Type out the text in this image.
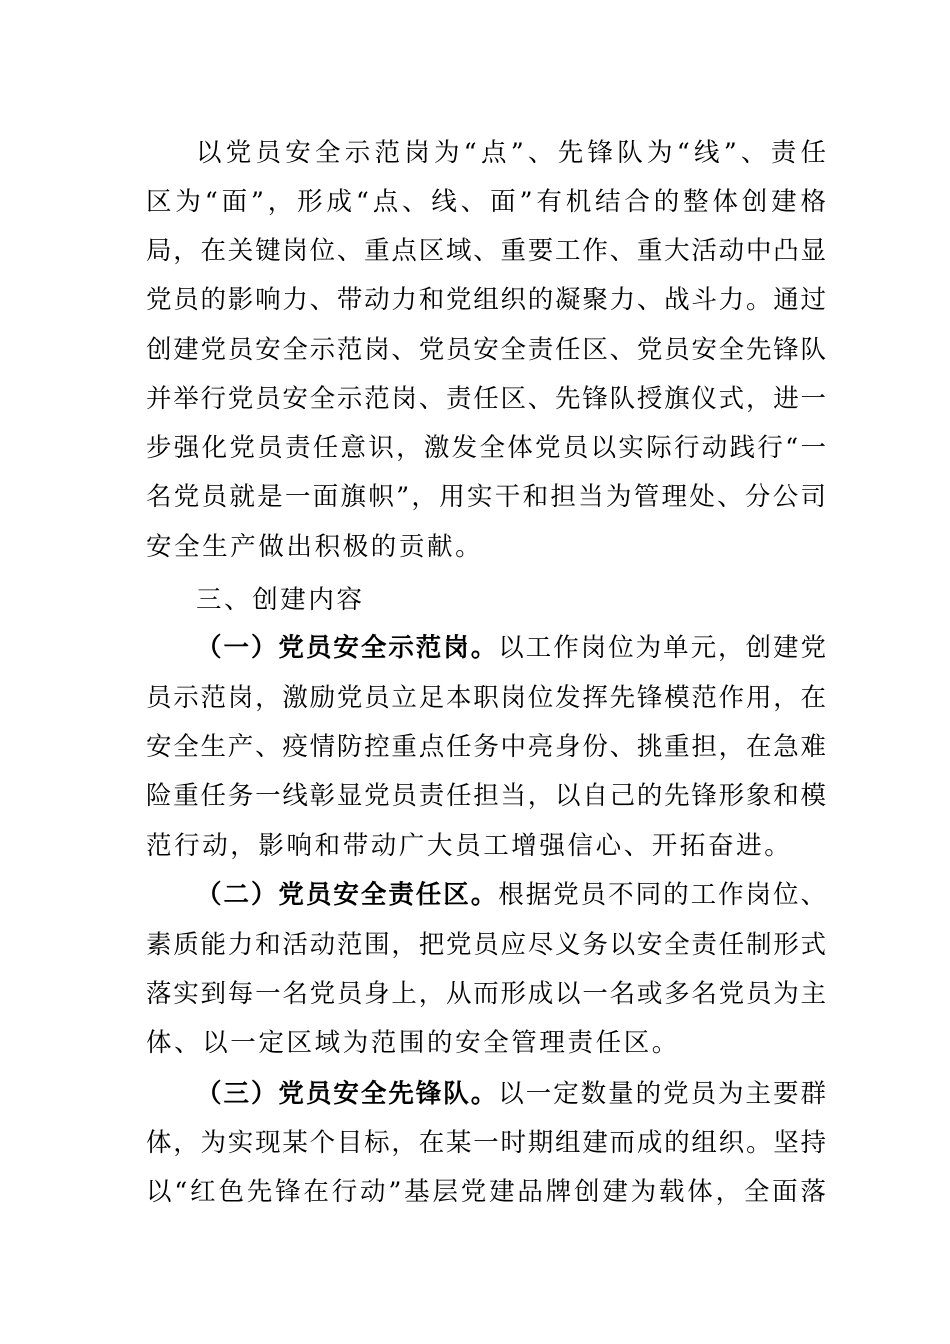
以党员安全示范岗为“点”、先锋队为“线”、责任
区为“面”，形成“点、线、面”有机结合的整体创建格
局，在关键岗位、重点区域、重要工作、重大活动中凸显
党员的影响力、带动力和党组织的凝聚力、战斗力。通过
创建党员安全示范岗、党员安全责任区、党员安全先锋队
并举行党员安全示范岗、责任区、先锋队授旗仪式，进一
步强化党员责任意识，激发全体党员以实际行动践行“一
名党员就是一面旗帜”，用实干和担当为管理处、分公司
安全生产做出积极的贡献。
三、创建内容
（一）党员安全示范岗。以工作岗位为单元，创建党
员示范岗，激励党员立足本职岗位发挥先锋模范作用，在
安全生产、疫情防控重点任务中亮身份、挑重担，在急难
险重任务一线彰显党员责任担当，以自己的先锋形象和模
范行动，影响和带动广大员工增强信心、开拓奋进。
（二）党员安全责任区。根据党员不同的工作岗位、
素质能力和活动范围，把党员应尽义务以安全责任制形式
落实到每一名党员身上，从而形成以一名或多名党员为主
体、以一定区域为范围的安全管理责任区。
（三）党员安全先锋队。以一定数量的党员为主要群
体，为实现某个目标，在某一时期组建而成的组织。坚持
以“红色先锋在行动”基层党建品牌创建为载体，全面落
